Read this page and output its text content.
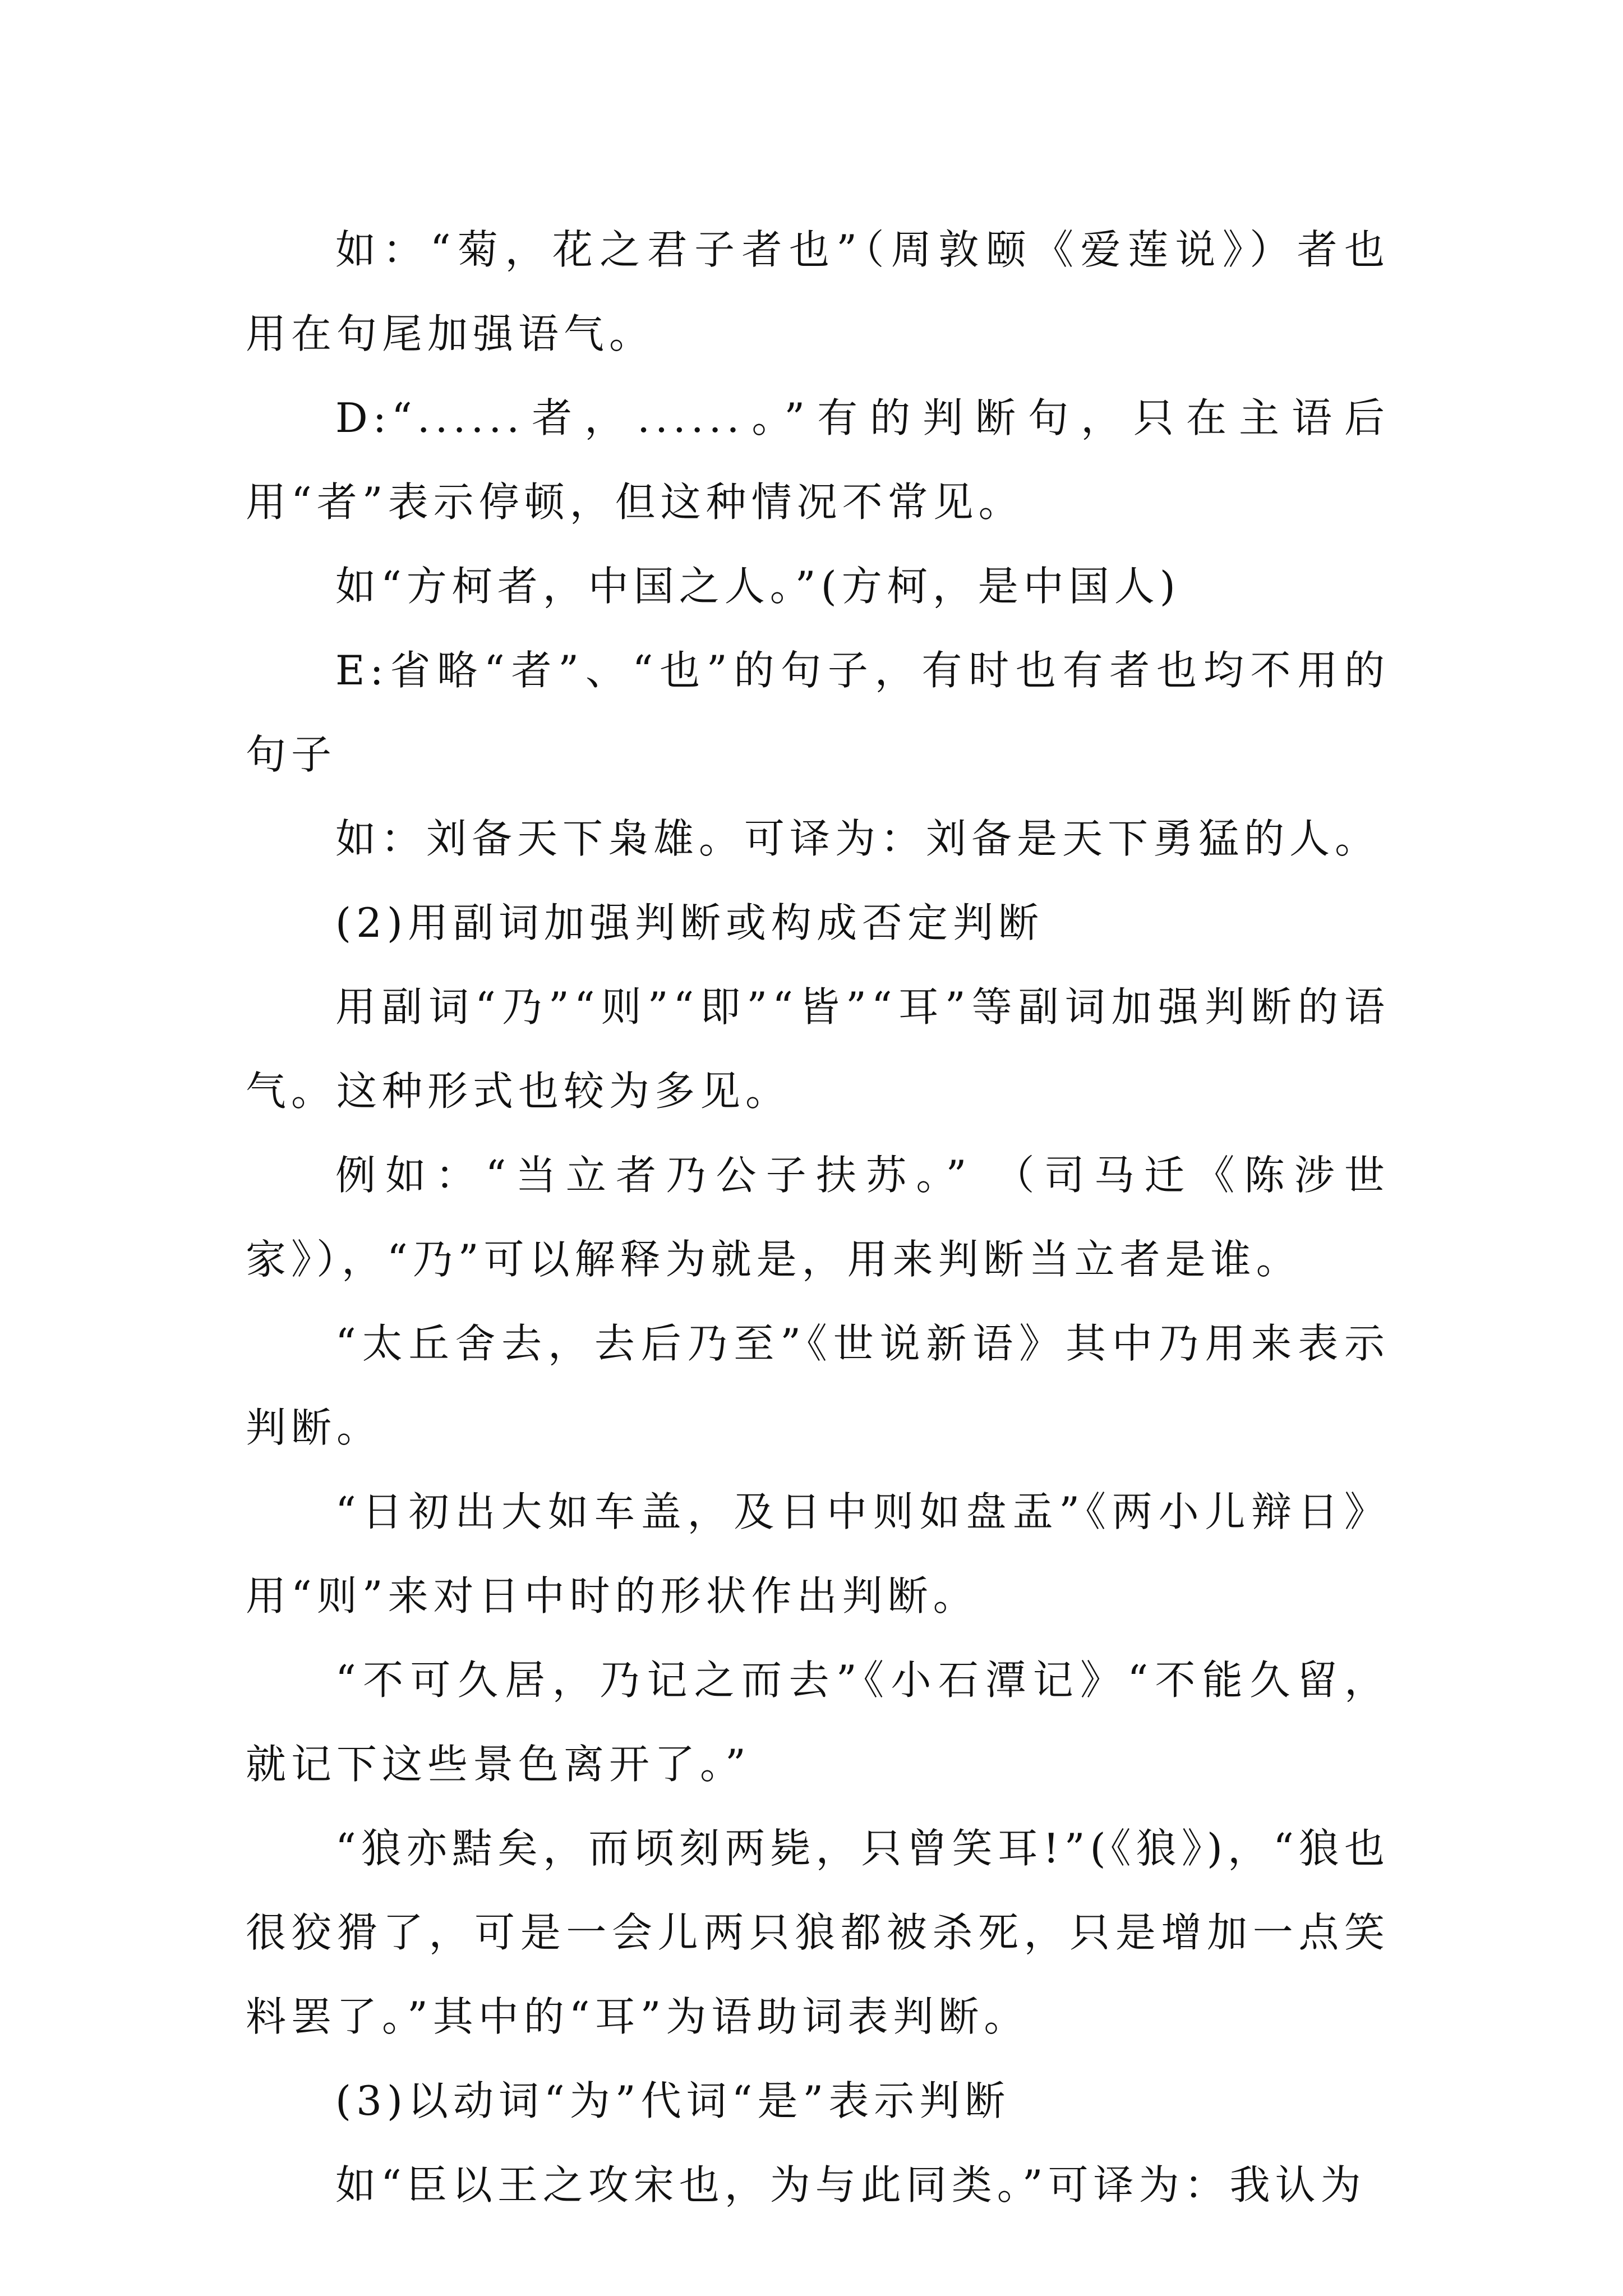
如：“菊，花之君子者也”（周敦颐《爱莲说》）者也用在句尾加强语气。

D:“......者，......。”有的判断句，只在主语后用“者”表示停顿，但这种情况不常见。

如“方柯者，中国之人。”(方柯，是中国人)

E:省略“者”、“也”的句子，有时也有者也均不用的句子

如：刘备天下枭雄。可译为：刘备是天下勇猛的人。

(2)用副词加强判断或构成否定判断

用副词“乃”“则”“即”“皆”“耳”等副词加强判断的语气。这种形式也较为多见。

例如：“当立者乃公子扶苏。” （司马迁《陈涉世家》），“乃”可以解释为就是，用来判断当立者是谁。

“太丘舍去，去后乃至”《世说新语》其中乃用来表示判断。

“日初出大如车盖，及日中则如盘盂”《两小儿辩日》用“则”来对日中时的形状作出判断。

“不可久居，乃记之而去”《小石潭记》“不能久留，就记下这些景色离开了。”

“狼亦黠矣，而顷刻两毙，只曾笑耳!”(《狼》)，“狼也很狡猾了，可是一会儿两只狼都被杀死，只是增加一点笑料罢了。”其中的“耳”为语助词表判断。

(3)以动词“为”代词“是”表示判断

如“臣以王之攻宋也，为与此同类。”可译为：我认为
